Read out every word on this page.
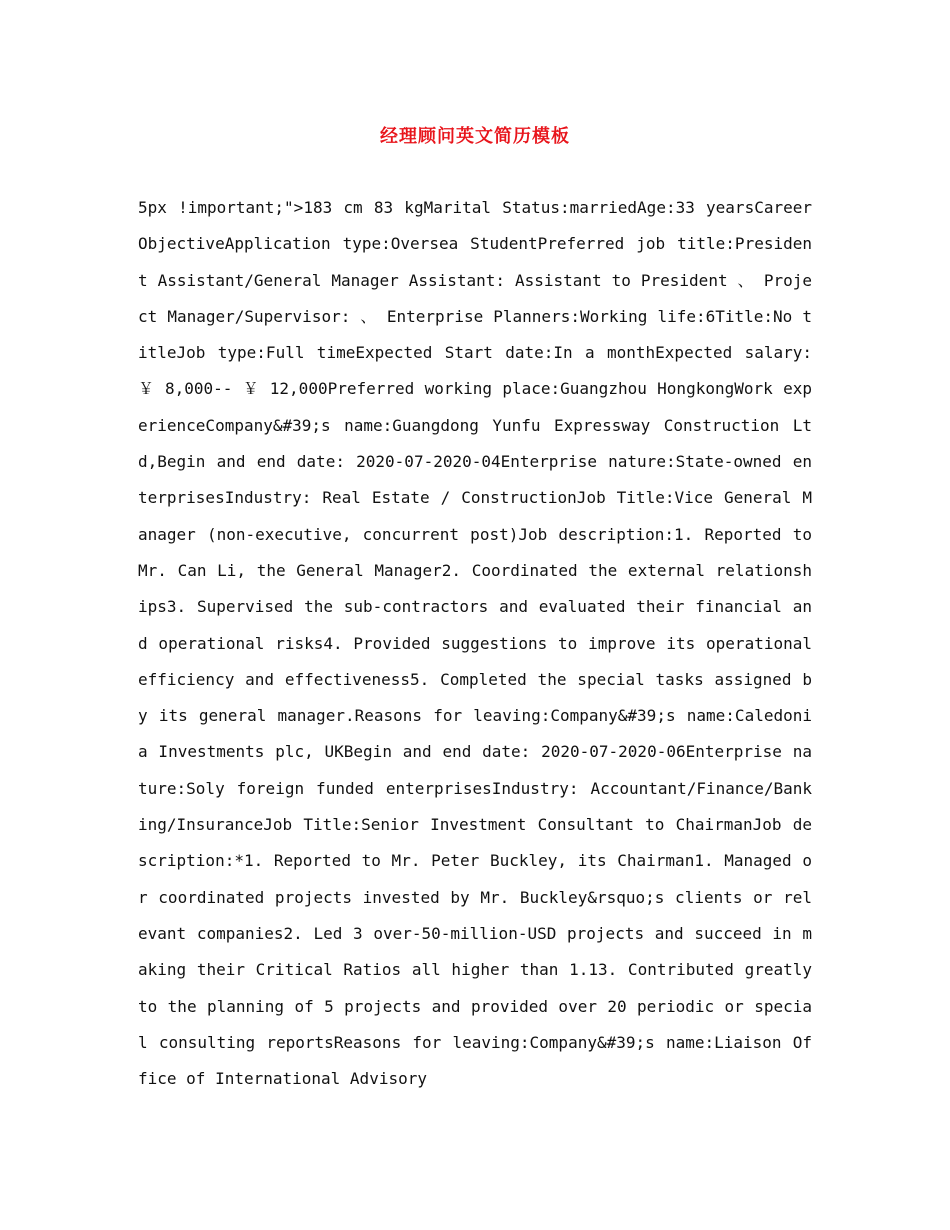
经理顾问英文简历模板

5px !important;">183 cm 83 kgMarital Status:marriedAge:33 yearsCareer ObjectiveApplication type:Oversea StudentPreferred job title:President Assistant/General Manager Assistant: Assistant to President 、 Project Manager/Supervisor: 、 Enterprise Planners:Working life:6Title:No titleJob type:Full timeExpected Start date:In a monthExpected salary: ￥ 8,000-- ￥ 12,000Preferred working place:Guangzhou HongkongWork experienceCompany&#39;s name:Guangdong Yunfu Expressway Construction Ltd,Begin and end date: 2020-07-2020-04Enterprise nature:State-owned enterprisesIndustry: Real Estate / ConstructionJob Title:Vice General Manager (non-executive, concurrent post)Job description:1. Reported to Mr. Can Li, the General Manager2. Coordinated the external relationships3. Supervised the sub-contractors and evaluated their financial and operational risks4. Provided suggestions to improve its operational efficiency and effectiveness5. Completed the special tasks assigned by its general manager.Reasons for leaving:Company&#39;s name:Caledonia Investments plc, UKBegin and end date: 2020-07-2020-06Enterprise nature:Soly foreign funded enterprisesIndustry: Accountant/Finance/Banking/InsuranceJob Title:Senior Investment Consultant to ChairmanJob description:*1. Reported to Mr. Peter Buckley, its Chairman1. Managed or coordinated projects invested by Mr. Buckley&rsquo;s clients or relevant companies2. Led 3 over-50-million-USD projects and succeed in making their Critical Ratios all higher than 1.13. Contributed greatly to the planning of 5 projects and provided over 20 periodic or special consulting reportsReasons for leaving:Company&#39;s name:Liaison Office of International Advisory
